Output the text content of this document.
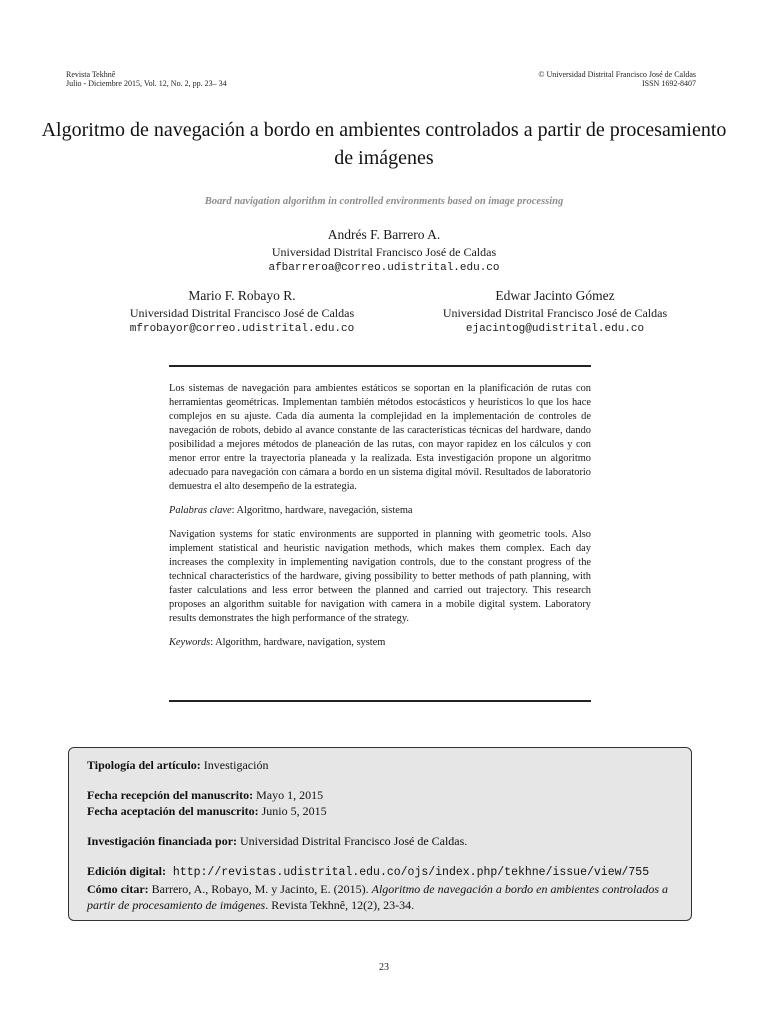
Revista Tekhnê
Julio - Diciembre 2015, Vol. 12, No. 2, pp. 23– 34
© Universidad Distrital Francisco José de Caldas
ISSN 1692-8407
Algoritmo de navegación a bordo en ambientes controlados a partir de procesamiento de imágenes
Board navigation algorithm in controlled environments based on image processing
Andrés F. Barrero A.
Universidad Distrital Francisco José de Caldas
afbarreroa@correo.udistrital.edu.co
Mario F. Robayo R.
Universidad Distrital Francisco José de Caldas
mfrobayor@correo.udistrital.edu.co
Edwar Jacinto Gómez
Universidad Distrital Francisco José de Caldas
ejacintog@udistrital.edu.co

Los sistemas de navegación para ambientes estáticos se soportan en la planificación de rutas con herramientas geométricas. Implementan también métodos estocásticos y heurísticos lo que los hace complejos en su ajuste. Cada día aumenta la complejidad en la implementación de controles de navegación de robots, debido al avance constante de las características técnicas del hardware, dando posibilidad a mejores métodos de planeación de las rutas, con mayor rapidez en los cálculos y con menor error entre la trayectoria planeada y la realizada. Esta investigación propone un algoritmo adecuado para navegación con cámara a bordo en un sistema digital móvil. Resultados de laboratorio demuestra el alto desempeño de la estrategia.

Palabras clave: Algoritmo, hardware, navegación, sistema

Navigation systems for static environments are supported in planning with geometric tools. Also implement statistical and heuristic navigation methods, which makes them complex. Each day increases the complexity in implementing navigation controls, due to the constant progress of the technical characteristics of the hardware, giving possibility to better methods of path planning, with faster calculations and less error between the planned and carried out trajectory. This research proposes an algorithm suitable for navigation with camera in a mobile digital system. Laboratory results demonstrates the high performance of the strategy.

Keywords: Algorithm, hardware, navigation, system

Tipología del artículo: Investigación

Fecha recepción del manuscrito: Mayo 1, 2015

Fecha aceptación del manuscrito: Junio 5, 2015

Investigación financiada por: Universidad Distrital Francisco José de Caldas.

Edición digital: http://revistas.udistrital.edu.co/ojs/index.php/tekhne/issue/view/755

Cómo citar: Barrero, A., Robayo, M. y Jacinto, E. (2015). Algoritmo de navegación a bordo en ambientes controlados a partir de procesamiento de imágenes. Revista Tekhnê, 12(2), 23-34.

23
